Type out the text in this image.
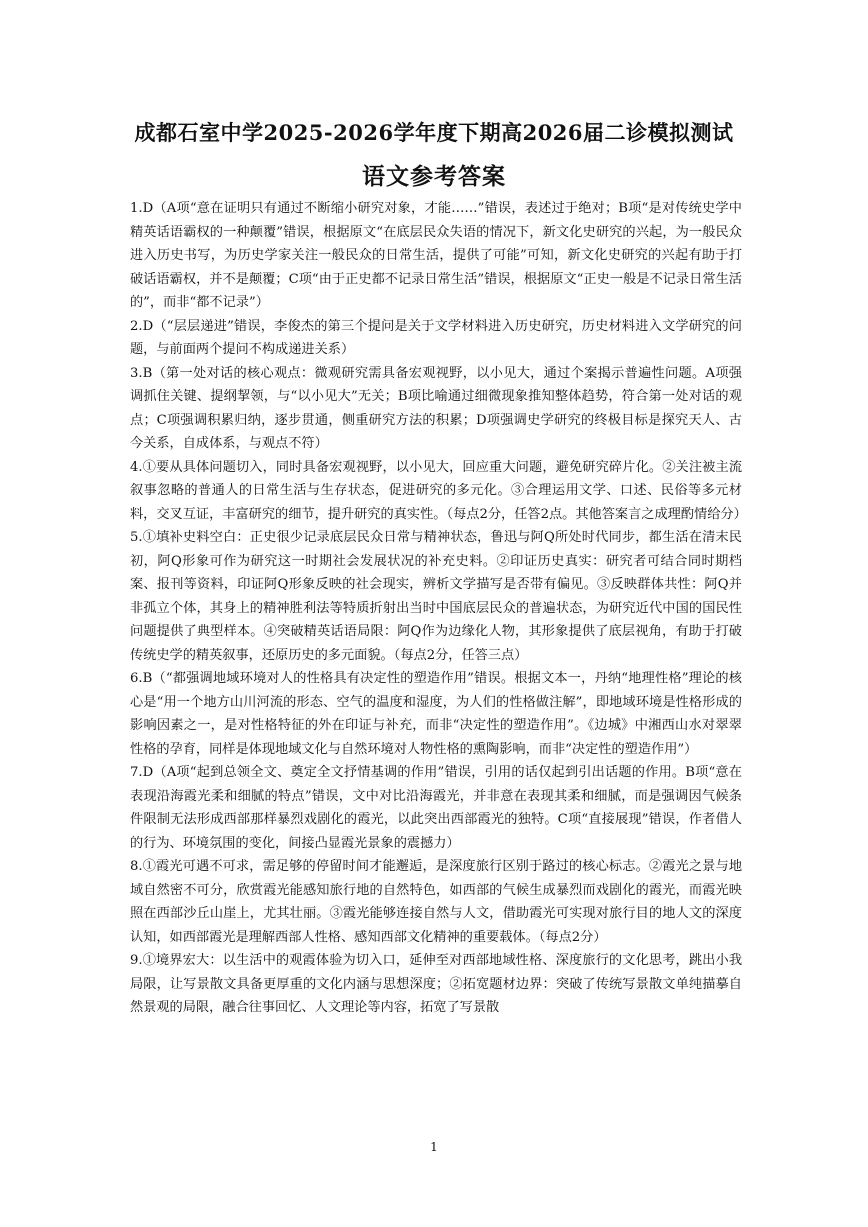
成都石室中学2025-2026学年度下期高2026届二诊模拟测试
语文参考答案

1.D（A项“意在证明只有通过不断缩小研究对象，才能……”错误，表述过于绝对；B项“是对传统史学中精英话语霸权的一种颠覆”错误，根据原文“在底层民众失语的情况下，新文化史研究的兴起，为一般民众进入历史书写，为历史学家关注一般民众的日常生活，提供了可能”可知，新文化史研究的兴起有助于打破话语霸权，并不是颠覆；C项“由于正史都不记录日常生活”错误，根据原文“正史一般是不记录日常生活的”，而非“都不记录”）

2.D（“层层递进”错误，李俊杰的第三个提问是关于文学材料进入历史研究，历史材料进入文学研究的问题，与前面两个提问不构成递进关系）

3.B（第一处对话的核心观点：微观研究需具备宏观视野，以小见大，通过个案揭示普遍性问题。A项强调抓住关键、提纲挈领，与“以小见大”无关；B项比喻通过细微现象推知整体趋势，符合第一处对话的观点；C项强调积累归纳，逐步贯通，侧重研究方法的积累；D项强调史学研究的终极目标是探究天人、古今关系，自成体系，与观点不符）

4.①要从具体问题切入，同时具备宏观视野，以小见大，回应重大问题，避免研究碎片化。②关注被主流叙事忽略的普通人的日常生活与生存状态，促进研究的多元化。③合理运用文学、口述、民俗等多元材料，交叉互证，丰富研究的细节，提升研究的真实性。（每点2分，任答2点。其他答案言之成理酌情给分）

5.①填补史料空白：正史很少记录底层民众日常与精神状态，鲁迅与阿Q所处时代同步，都生活在清末民初，阿Q形象可作为研究这一时期社会发展状况的补充史料。②印证历史真实：研究者可结合同时期档案、报刊等资料，印证阿Q形象反映的社会现实，辨析文学描写是否带有偏见。③反映群体共性：阿Q并非孤立个体，其身上的精神胜利法等特质折射出当时中国底层民众的普遍状态，为研究近代中国的国民性问题提供了典型样本。④突破精英话语局限：阿Q作为边缘化人物，其形象提供了底层视角，有助于打破传统史学的精英叙事，还原历史的多元面貌。（每点2分，任答三点）

6.B（“都强调地域环境对人的性格具有决定性的塑造作用”错误。根据文本一，丹纳“地理性格”理论的核心是“用一个地方山川河流的形态、空气的温度和湿度，为人们的性格做注解”，即地域环境是性格形成的影响因素之一，是对性格特征的外在印证与补充，而非“决定性的塑造作用”。《边城》中湘西山水对翠翠性格的孕育，同样是体现地域文化与自然环境对人物性格的熏陶影响，而非“决定性的塑造作用”）

7.D（A项“起到总领全文、奠定全文抒情基调的作用”错误，引用的话仅起到引出话题的作用。B项“意在表现沿海霞光柔和细腻的特点”错误，文中对比沿海霞光，并非意在表现其柔和细腻，而是强调因气候条件限制无法形成西部那样暴烈戏剧化的霞光，以此突出西部霞光的独特。C项“直接展现”错误，作者借人的行为、环境氛围的变化，间接凸显霞光景象的震撼力）

8.①霞光可遇不可求，需足够的停留时间才能邂逅，是深度旅行区别于路过的核心标志。②霞光之景与地域自然密不可分，欣赏霞光能感知旅行地的自然特色，如西部的气候生成暴烈而戏剧化的霞光，而霞光映照在西部沙丘山崖上，尤其壮丽。③霞光能够连接自然与人文，借助霞光可实现对旅行目的地人文的深度认知，如西部霞光是理解西部人性格、感知西部文化精神的重要载体。（每点2分）

9.①境界宏大：以生活中的观霞体验为切入口，延伸至对西部地域性格、深度旅行的文化思考，跳出小我局限，让写景散文具备更厚重的文化内涵与思想深度；②拓宽题材边界：突破了传统写景散文单纯描摹自然景观的局限，融合往事回忆、人文理论等内容，拓宽了写景散

1
